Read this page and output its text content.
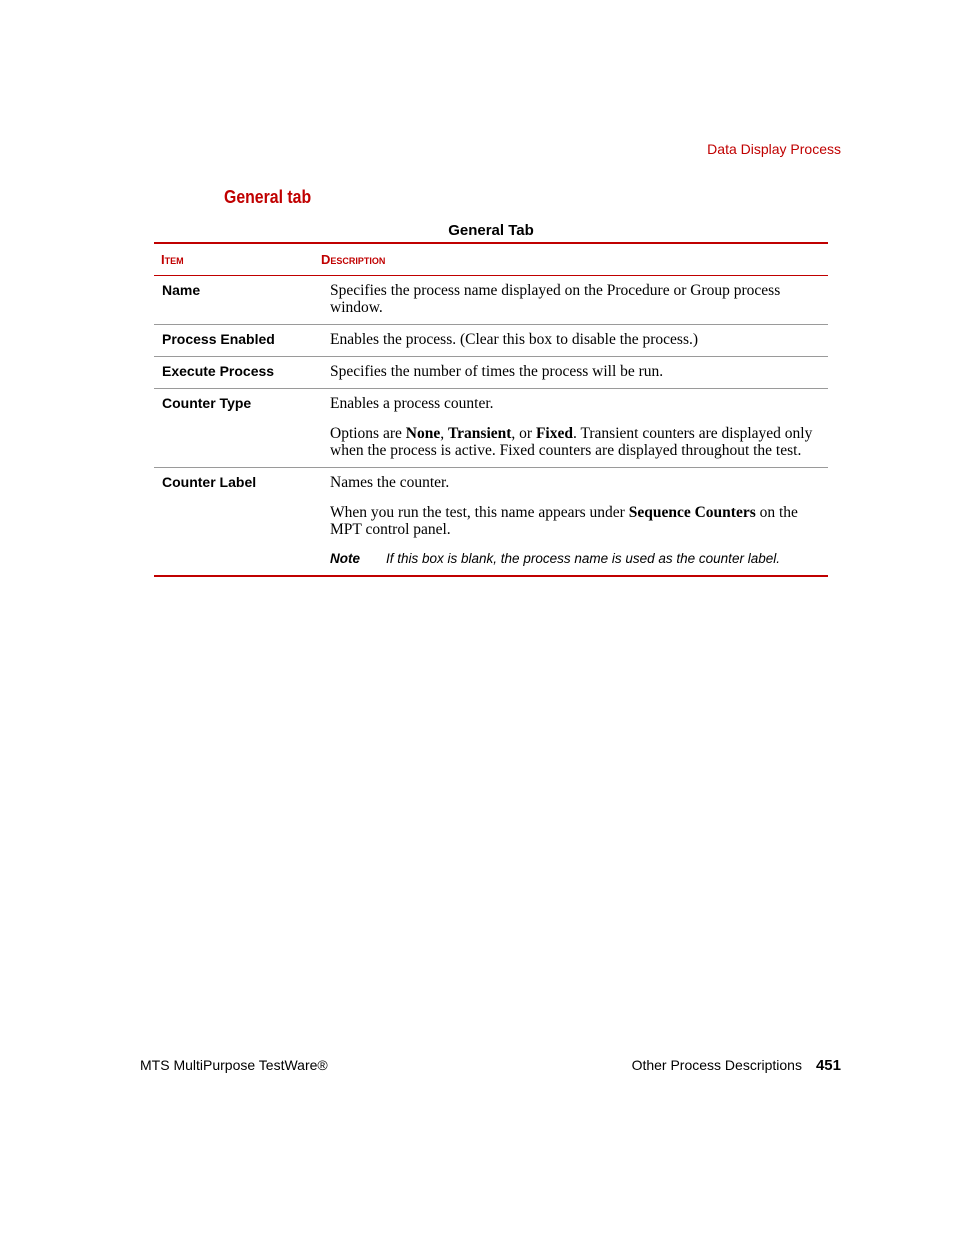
Data Display Process
General tab
General Tab
Item Description	
Name	Specifies the process name displayed on the Procedure or Group process window.

Process Enabled	Enables the process. (Clear this box to disable the process.)

Execute Process	Specifies the number of times the process will be run.

Counter Type	Enables a process counter.

Options are None, Transient, or Fixed. Transient counters are displayed only when the process is active. Fixed counters are displayed throughout the test.

Counter Label	Names the counter.

When you run the test, this name appears under Sequence Counters on the MPT control panel.

Note If this box is blank, the process name is used as the counter label.
MTS MultiPurpose TestWare®	Other Process Descriptions 451
